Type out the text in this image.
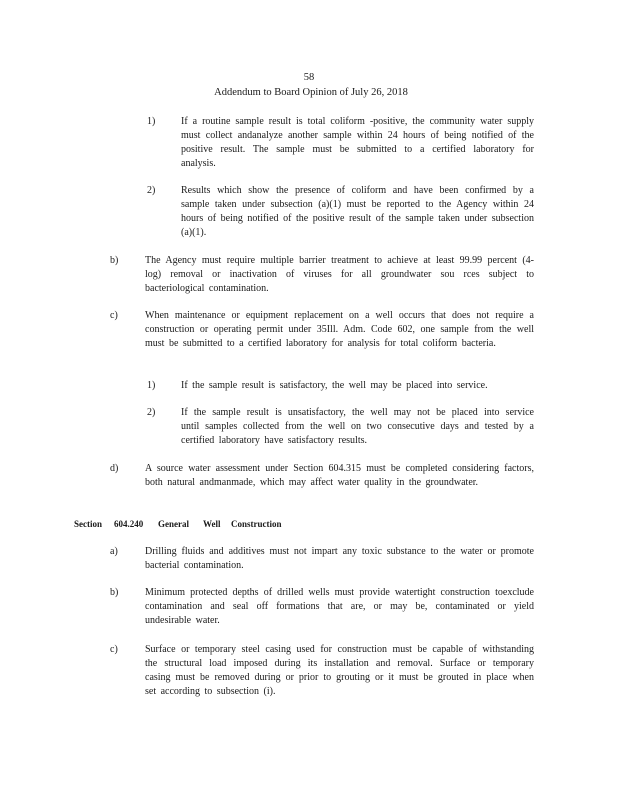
58
Addendum to Board Opinion of July 26, 2018
1)	If a routine sample result is total coliform -positive, the community water supply must collect andanalyze another sample within 24 hours of being notified of the positive result. The sample must be submitted to a certified laboratory for analysis.
2)	Results which show the presence of coliform and have been confirmed by a sample taken under subsection (a)(1) must be reported to the Agency within 24 hours of being notified of the positive result of the sample taken under subsection (a)(1).
b)	The Agency must require multiple barrier treatment to achieve at least 99.99 percent (4-log) removal or inactivation of viruses for all groundwater sou rces subject to bacteriological contamination.
c)	When maintenance or equipment replacement on a well occurs that does not require a construction or operating permit under 35Ill. Adm. Code 602, one sample from the well must be submitted to a certified laboratory for analysis for total coliform bacteria.
1)	If the sample result is satisfactory, the well may be placed into service.
2)	If the sample result is unsatisfactory, the well may not be placed into service until samples collected from the well on two consecutive days and tested by a certified laboratory have satisfactory results.
d)	A source water assessment under Section 604.315 must be completed considering factors, both natural andmanmade, which may affect water quality in the groundwater.
Section 604.240 General Well Construction
a)	Drilling fluids and additives must not impart any toxic substance to the water or promote bacterial contamination.
b)	Minimum protected depths of drilled wells must provide watertight construction toexclude contamination and seal off formations that are, or may be, contaminated or yield undesirable water.
c)	Surface or temporary steel casing used for construction must be capable of withstanding the structural load imposed during its installation and removal. Surface or temporary casing must be removed during or prior to grouting or it must be grouted in place when set according to subsection (i).
